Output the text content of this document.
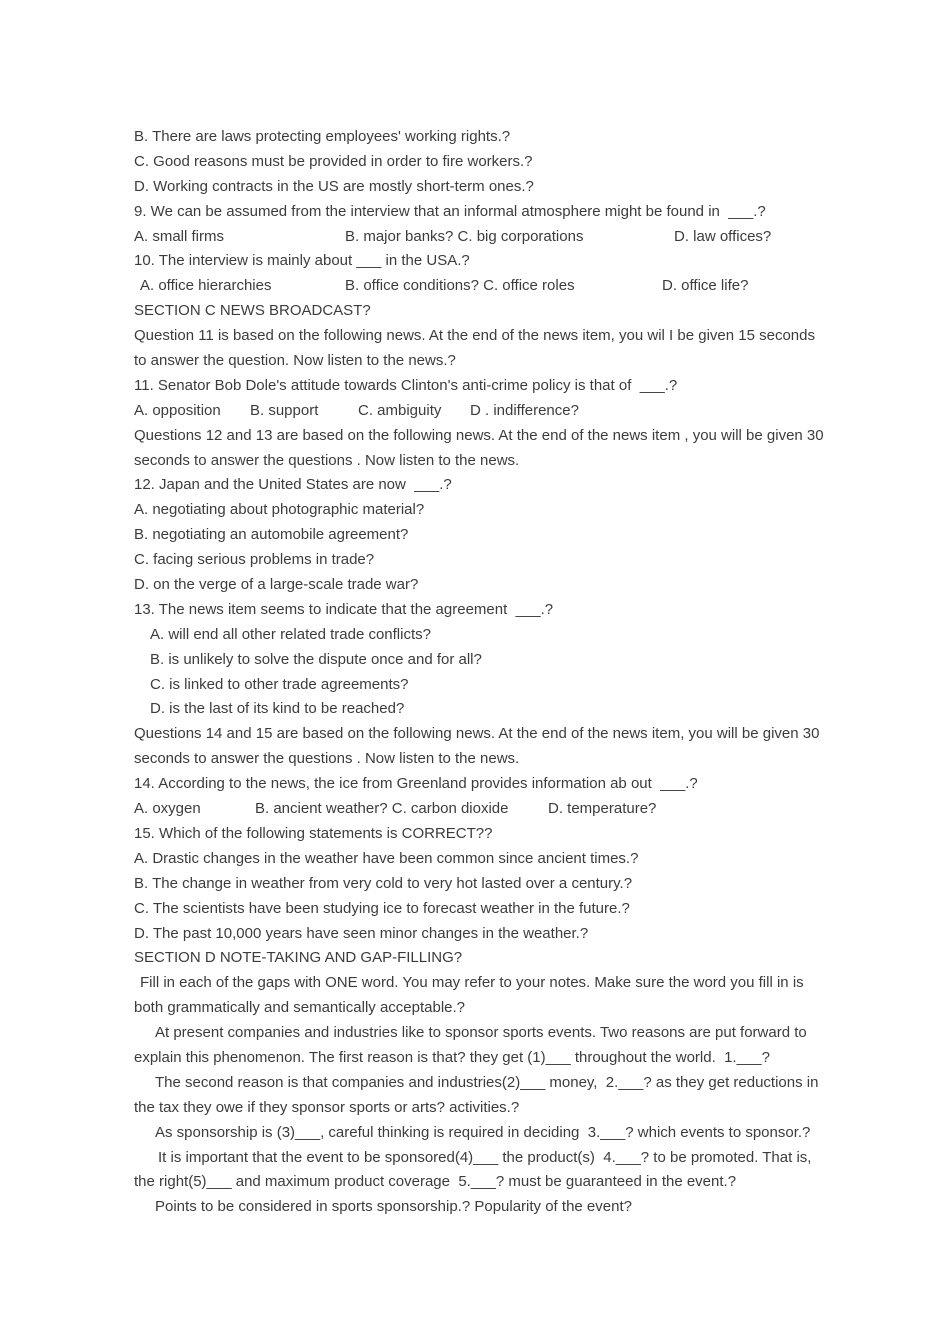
B. There are laws protecting employees' working rights.?
C. Good reasons must be provided in order to fire workers.?
D. Working contracts in the US are mostly short-term ones.?
9. We can be assumed from the interview that an informal atmosphere might be found in  ___.?
A. small firms	B. major banks? C. big corporations	D. law offices?
10. The interview is mainly about ___ in the USA.?
A. office hierarchies	B. office conditions? C. office roles	D. office life?
SECTION C NEWS BROADCAST?
Question 11 is based on the following news. At the end of the news item, you wil I be given 15 seconds
to answer the question. Now listen to the news.?
11. Senator Bob Dole's attitude towards Clinton's anti-crime policy is that of  ___.?
A. opposition B. support	C. ambiguity D . indifference?
Questions 12 and 13 are based on the following news. At the end of the news item , you will be given 30
seconds to answer the questions . Now listen to the news.
12. Japan and the United States are now  ___.?
A. negotiating about photographic material?
B. negotiating an automobile agreement?
C. facing serious problems in trade?
D. on the verge of a large-scale trade war?
13. The news item seems to indicate that the agreement  ___.?
A. will end all other related trade conflicts?
B. is unlikely to solve the dispute once and for all?
C. is linked to other trade agreements?
D. is the last of its kind to be reached?
Questions 14 and 15 are based on the following news. At the end of the news item, you will be given 30
seconds to answer the questions . Now listen to the news.
14. According to the news, the ice from Greenland provides information ab out  ___.?
A. oxygen	B. ancient weather? C. carbon dioxide	D. temperature?
15. Which of the following statements is CORRECT??
A. Drastic changes in the weather have been common since ancient times.?
B. The change in weather from very cold to very hot lasted over a century.?
C. The scientists have been studying ice to forecast weather in the future.?
D. The past 10,000 years have seen minor changes in the weather.?
SECTION D NOTE-TAKING AND GAP-FILLING?
Fill in each of the gaps with ONE word. You may refer to your notes. Make sure the word you fill in is
both grammatically and semantically acceptable.?
At present companies and industries like to sponsor sports events. Two reasons are put forward to
explain this phenomenon. The first reason is that? they get (1)___ throughout the world.  1.___?
The second reason is that companies and industries(2)___ money,  2.___? as they get reductions in
the tax they owe if they sponsor sports or arts? activities.?
As sponsorship is (3)___, careful thinking is required in deciding  3.___? which events to sponsor.?
It is important that the event to be sponsored(4)___ the product(s)  4.___? to be promoted. That is,
the right(5)___ and maximum product coverage  5.___? must be guaranteed in the event.?
Points to be considered in sports sponsorship.? Popularity of the event?
